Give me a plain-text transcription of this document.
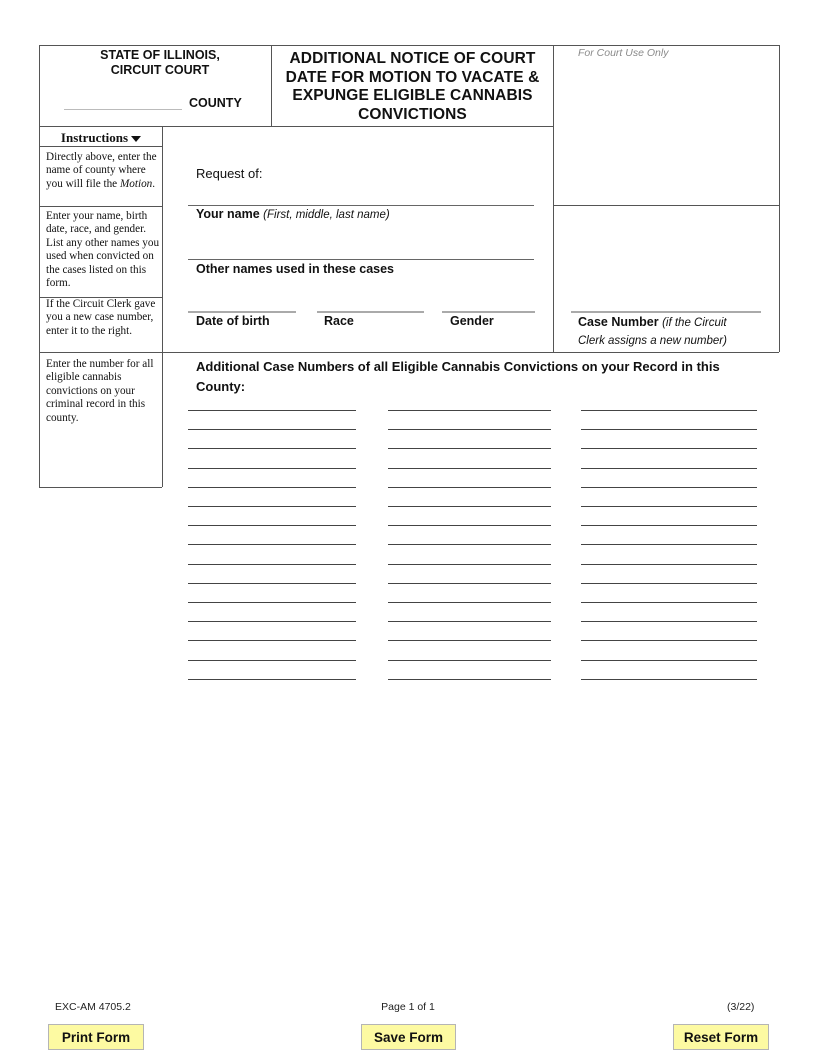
STATE OF ILLINOIS,
CIRCUIT COURT
COUNTY
ADDITIONAL NOTICE OF COURT
DATE FOR MOTION TO VACATE &
EXPUNGE ELIGIBLE CANNABIS
CONVICTIONS
For Court Use Only
Instructions
Directly above, enter the name of county where you will file the Motion.
Enter your name, birth date, race, and gender. List any other names you used when convicted on the cases listed on this form.
If the Circuit Clerk gave you a new case number, enter it to the right.
Enter the number for all eligible cannabis convictions on your criminal record in this county.
Request of:
Your name (First, middle, last name)
Other names used in these cases
Date of birth	Race	Gender	Case Number (if the Circuit
Clerk assigns a new number)
Additional Case Numbers of all Eligible Cannabis Convictions on your Record in this
County:
EXC-AM 4705.2	Page 1 of 1	(3/22)
Print Form	Save Form	Reset Form
